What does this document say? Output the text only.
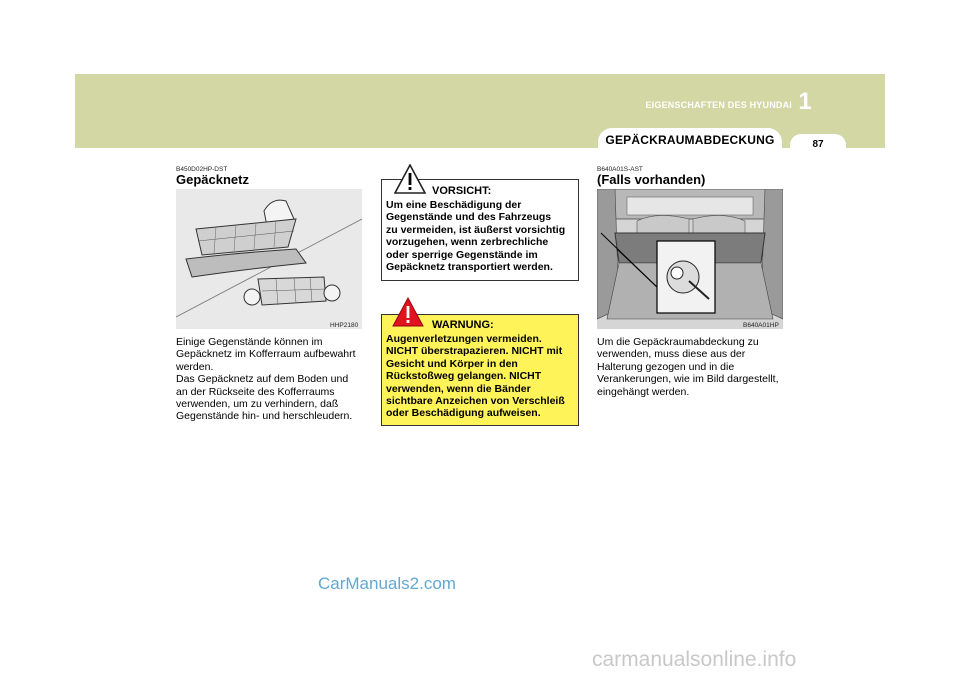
EIGENSCHAFTEN DES HYUNDAI 1
GEPÄCKRAUMABDECKUNG	87
B450D02HP-DST
Gepäcknetz
HHP2180
Einige Gegenstände können im
Gepäcknetz im Kofferraum aufbewahrt
werden.
Das Gepäcknetz auf dem Boden und
an der Rückseite des Kofferraums
verwenden, um zu verhindern, daß
Gegenstände hin- und herschleudern.
VORSICHT:
Um eine Beschädigung der
Gegenstände und des Fahrzeugs
zu vermeiden, ist äußerst vorsichtig
vorzugehen, wenn zerbrechliche
oder sperrige Gegenstände im
Gepäcknetz transportiert werden.
WARNUNG:
Augenverletzungen vermeiden.
NICHT überstrapazieren. NICHT mit
Gesicht und Körper in den
Rückstoßweg gelangen. NICHT
verwenden, wenn die Bänder
sichtbare Anzeichen von Verschleiß
oder Beschädigung aufweisen.
B640A01S-AST
(Falls vorhanden)
B640A01HP
Um die Gepäckraumabdeckung zu
verwenden, muss diese aus der
Halterung gezogen und in die
Verankerungen, wie im Bild dargestellt,
eingehängt werden.
CarManuals2.com
carmanualsonline.info
